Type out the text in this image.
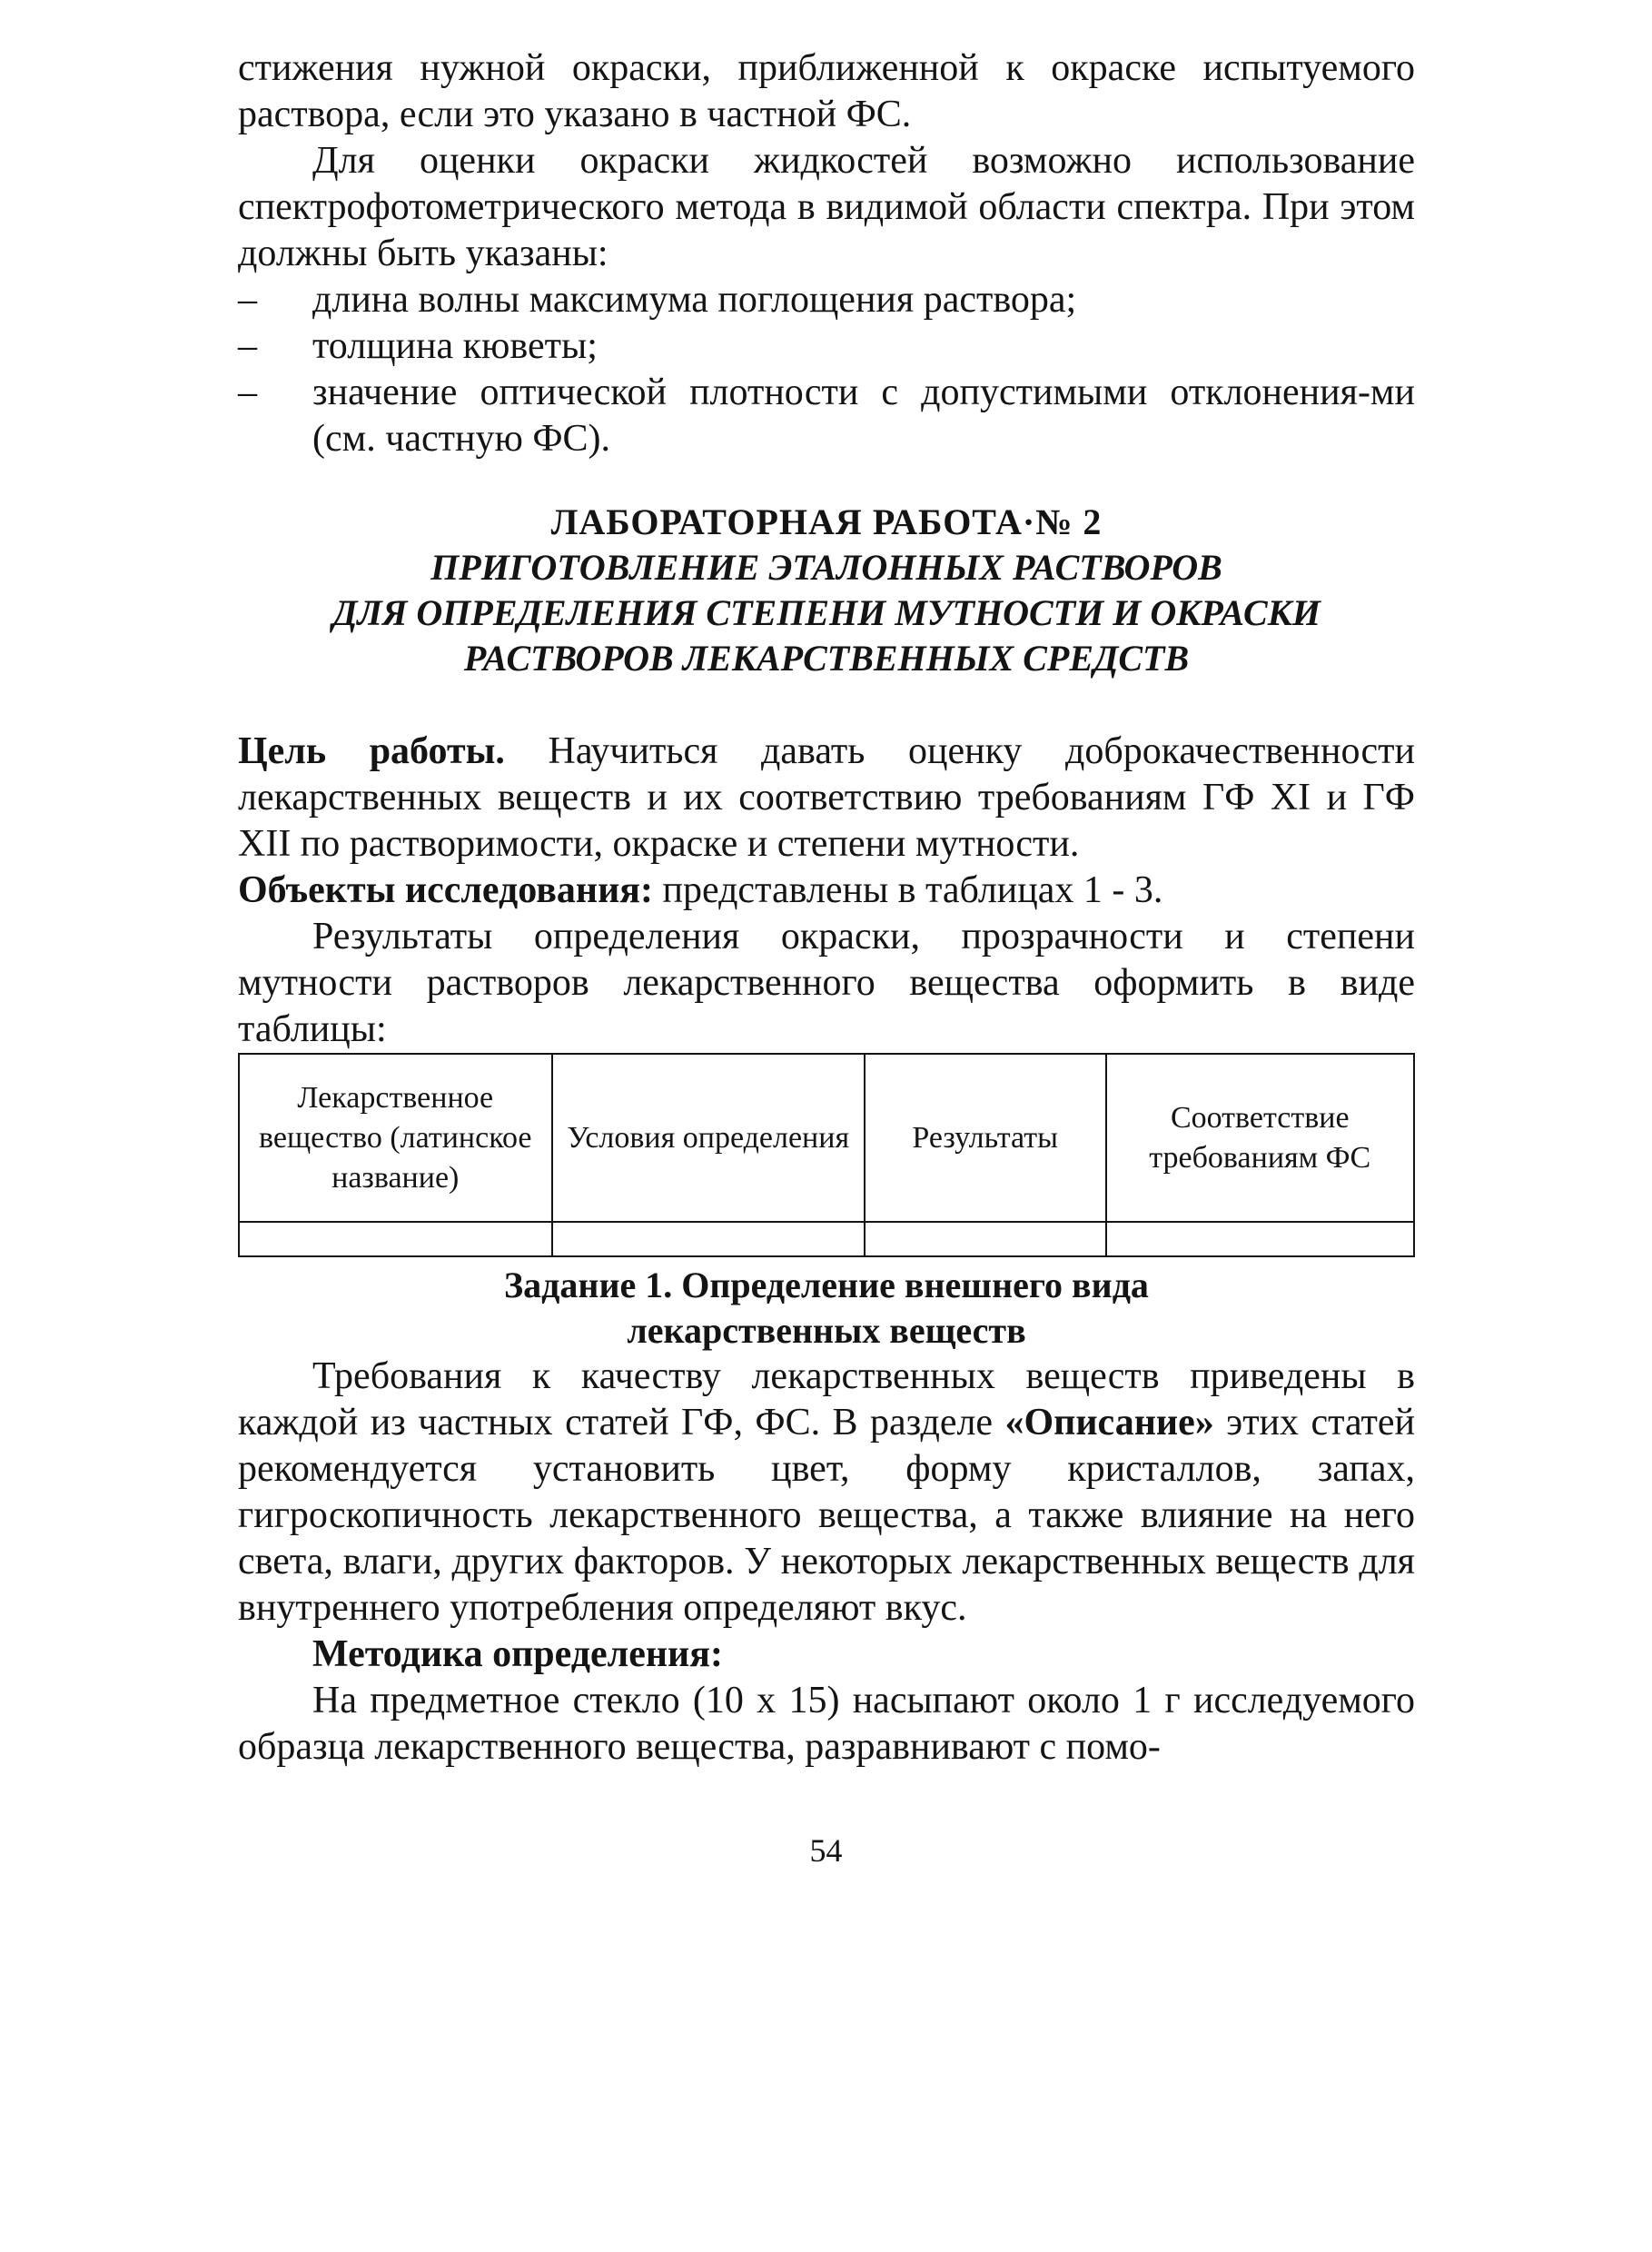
стижения нужной окраски, приближенной к окраске испытуемого раствора, если это указано в частной ФС.

Для оценки окраски жидкостей возможно использование спектрофотометрического метода в видимой области спектра. При этом должны быть указаны:

– длина волны максимума поглощения раствора;
– толщина кюветы;
– значение оптической плотности с допустимыми отклонения-ми (см. частную ФС).
ЛАБОРАТОРНАЯ РАБОТА·№ 2
ПРИГОТОВЛЕНИЕ ЭТАЛОННЫХ РАСТВОРОВ
ДЛЯ ОПРЕДЕЛЕНИЯ СТЕПЕНИ МУТНОСТИ И ОКРАСКИ
РАСТВОРОВ ЛЕКАРСТВЕННЫХ СРЕДСТВ

Цель работы. Научиться давать оценку доброкачественности лекарственных веществ и их соответствию требованиям ГФ XI и ГФ XII по растворимости, окраске и степени мутности.

Объекты исследования: представлены в таблицах 1 - 3.

Результаты определения окраски, прозрачности и степени мутности растворов лекарственного вещества оформить в виде таблицы:

Лекарственное вещество (латинское название)	Условия определения	Результаты	Соответствие требованиям ФС

Задание 1. Определение внешнего вида
лекарственных веществ

Требования к качеству лекарственных веществ приведены в каждой из частных статей ГФ, ФС. В разделе «Описание» этих статей рекомендуется установить цвет, форму кристаллов, запах, гигроскопичность лекарственного вещества, а также влияние на него света, влаги, других факторов. У некоторых лекарственных веществ для внутреннего употребления определяют вкус.

Методика определения:

На предметное стекло (10 х 15) насыпают около 1 г исследуемого образца лекарственного вещества, разравнивают с помо-

54
